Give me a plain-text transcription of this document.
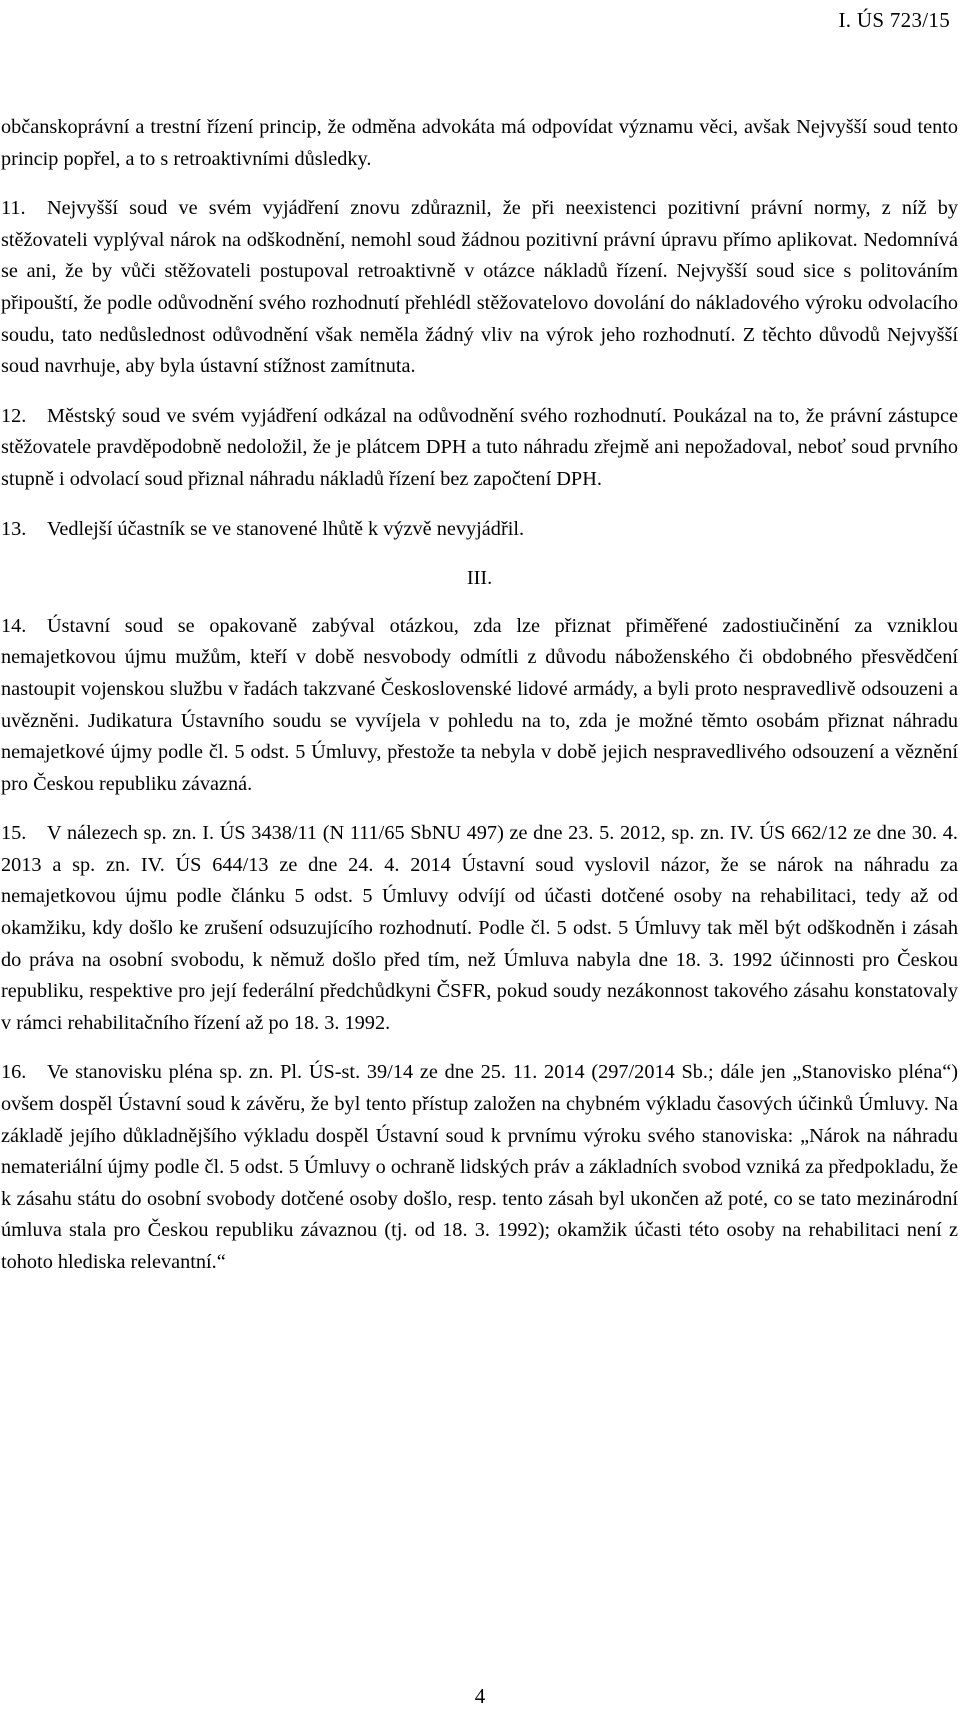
I. ÚS 723/15

občanskoprávní a trestní řízení princip, že odměna advokáta má odpovídat významu věci, avšak Nejvyšší soud tento princip popřel, a to s retroaktivními důsledky.

11. Nejvyšší soud ve svém vyjádření znovu zdůraznil, že při neexistenci pozitivní právní normy, z níž by stěžovateli vyplýval nárok na odškodnění, nemohl soud žádnou pozitivní právní úpravu přímo aplikovat. Nedomnívá se ani, že by vůči stěžovateli postupoval retroaktivně v otázce nákladů řízení. Nejvyšší soud sice s politováním připouští, že podle odůvodnění svého rozhodnutí přehlédl stěžovatelovo dovolání do nákladového výroku odvolacího soudu, tato nedůslednost odůvodnění však neměla žádný vliv na výrok jeho rozhodnutí. Z těchto důvodů Nejvyšší soud navrhuje, aby byla ústavní stížnost zamítnuta.

12. Městský soud ve svém vyjádření odkázal na odůvodnění svého rozhodnutí. Poukázal na to, že právní zástupce stěžovatele pravděpodobně nedoložil, že je plátcem DPH a tuto náhradu zřejmě ani nepožadoval, neboť soud prvního stupně i odvolací soud přiznal náhradu nákladů řízení bez započtení DPH.

13. Vedlejší účastník se ve stanovené lhůtě k výzvě nevyjádřil.

III.

14. Ústavní soud se opakovaně zabýval otázkou, zda lze přiznat přiměřené zadostiučinění za vzniklou nemajetkovou újmu mužům, kteří v době nesvobody odmítli z důvodu náboženského či obdobného přesvědčení nastoupit vojenskou službu v řadách takzvané Československé lidové armády, a byli proto nespravedlivě odsouzeni a uvězněni. Judikatura Ústavního soudu se vyvíjela v pohledu na to, zda je možné těmto osobám přiznat náhradu nemajetkové újmy podle čl. 5 odst. 5 Úmluvy, přestože ta nebyla v době jejich nespravedlivého odsouzení a věznění pro Českou republiku závazná.

15. V nálezech sp. zn. I. ÚS 3438/11 (N 111/65 SbNU 497) ze dne 23. 5. 2012, sp. zn. IV. ÚS 662/12 ze dne 30. 4. 2013 a sp. zn. IV. ÚS 644/13 ze dne 24. 4. 2014 Ústavní soud vyslovil názor, že se nárok na náhradu za nemajetkovou újmu podle článku 5 odst. 5 Úmluvy odvíjí od účasti dotčené osoby na rehabilitaci, tedy až od okamžiku, kdy došlo ke zrušení odsuzujícího rozhodnutí. Podle čl. 5 odst. 5 Úmluvy tak měl být odškodněn i zásah do práva na osobní svobodu, k němuž došlo před tím, než Úmluva nabyla dne 18. 3. 1992 účinnosti pro Českou republiku, respektive pro její federální předchůdkyni ČSFR, pokud soudy nezákonnost takového zásahu konstatovaly v rámci rehabilitačního řízení až po 18. 3. 1992.

16. Ve stanovisku pléna sp. zn. Pl. ÚS-st. 39/14 ze dne 25. 11. 2014 (297/2014 Sb.; dále jen „Stanovisko pléna“) ovšem dospěl Ústavní soud k závěru, že byl tento přístup založen na chybném výkladu časových účinků Úmluvy. Na základě jejího důkladnějšího výkladu dospěl Ústavní soud k prvnímu výroku svého stanoviska: „Nárok na náhradu nemateriální újmy podle čl. 5 odst. 5 Úmluvy o ochraně lidských práv a základních svobod vzniká za předpokladu, že k zásahu státu do osobní svobody dotčené osoby došlo, resp. tento zásah byl ukončen až poté, co se tato mezinárodní úmluva stala pro Českou republiku závaznou (tj. od 18. 3. 1992); okamžik účasti této osoby na rehabilitaci není z tohoto hlediska relevantní.“

4
